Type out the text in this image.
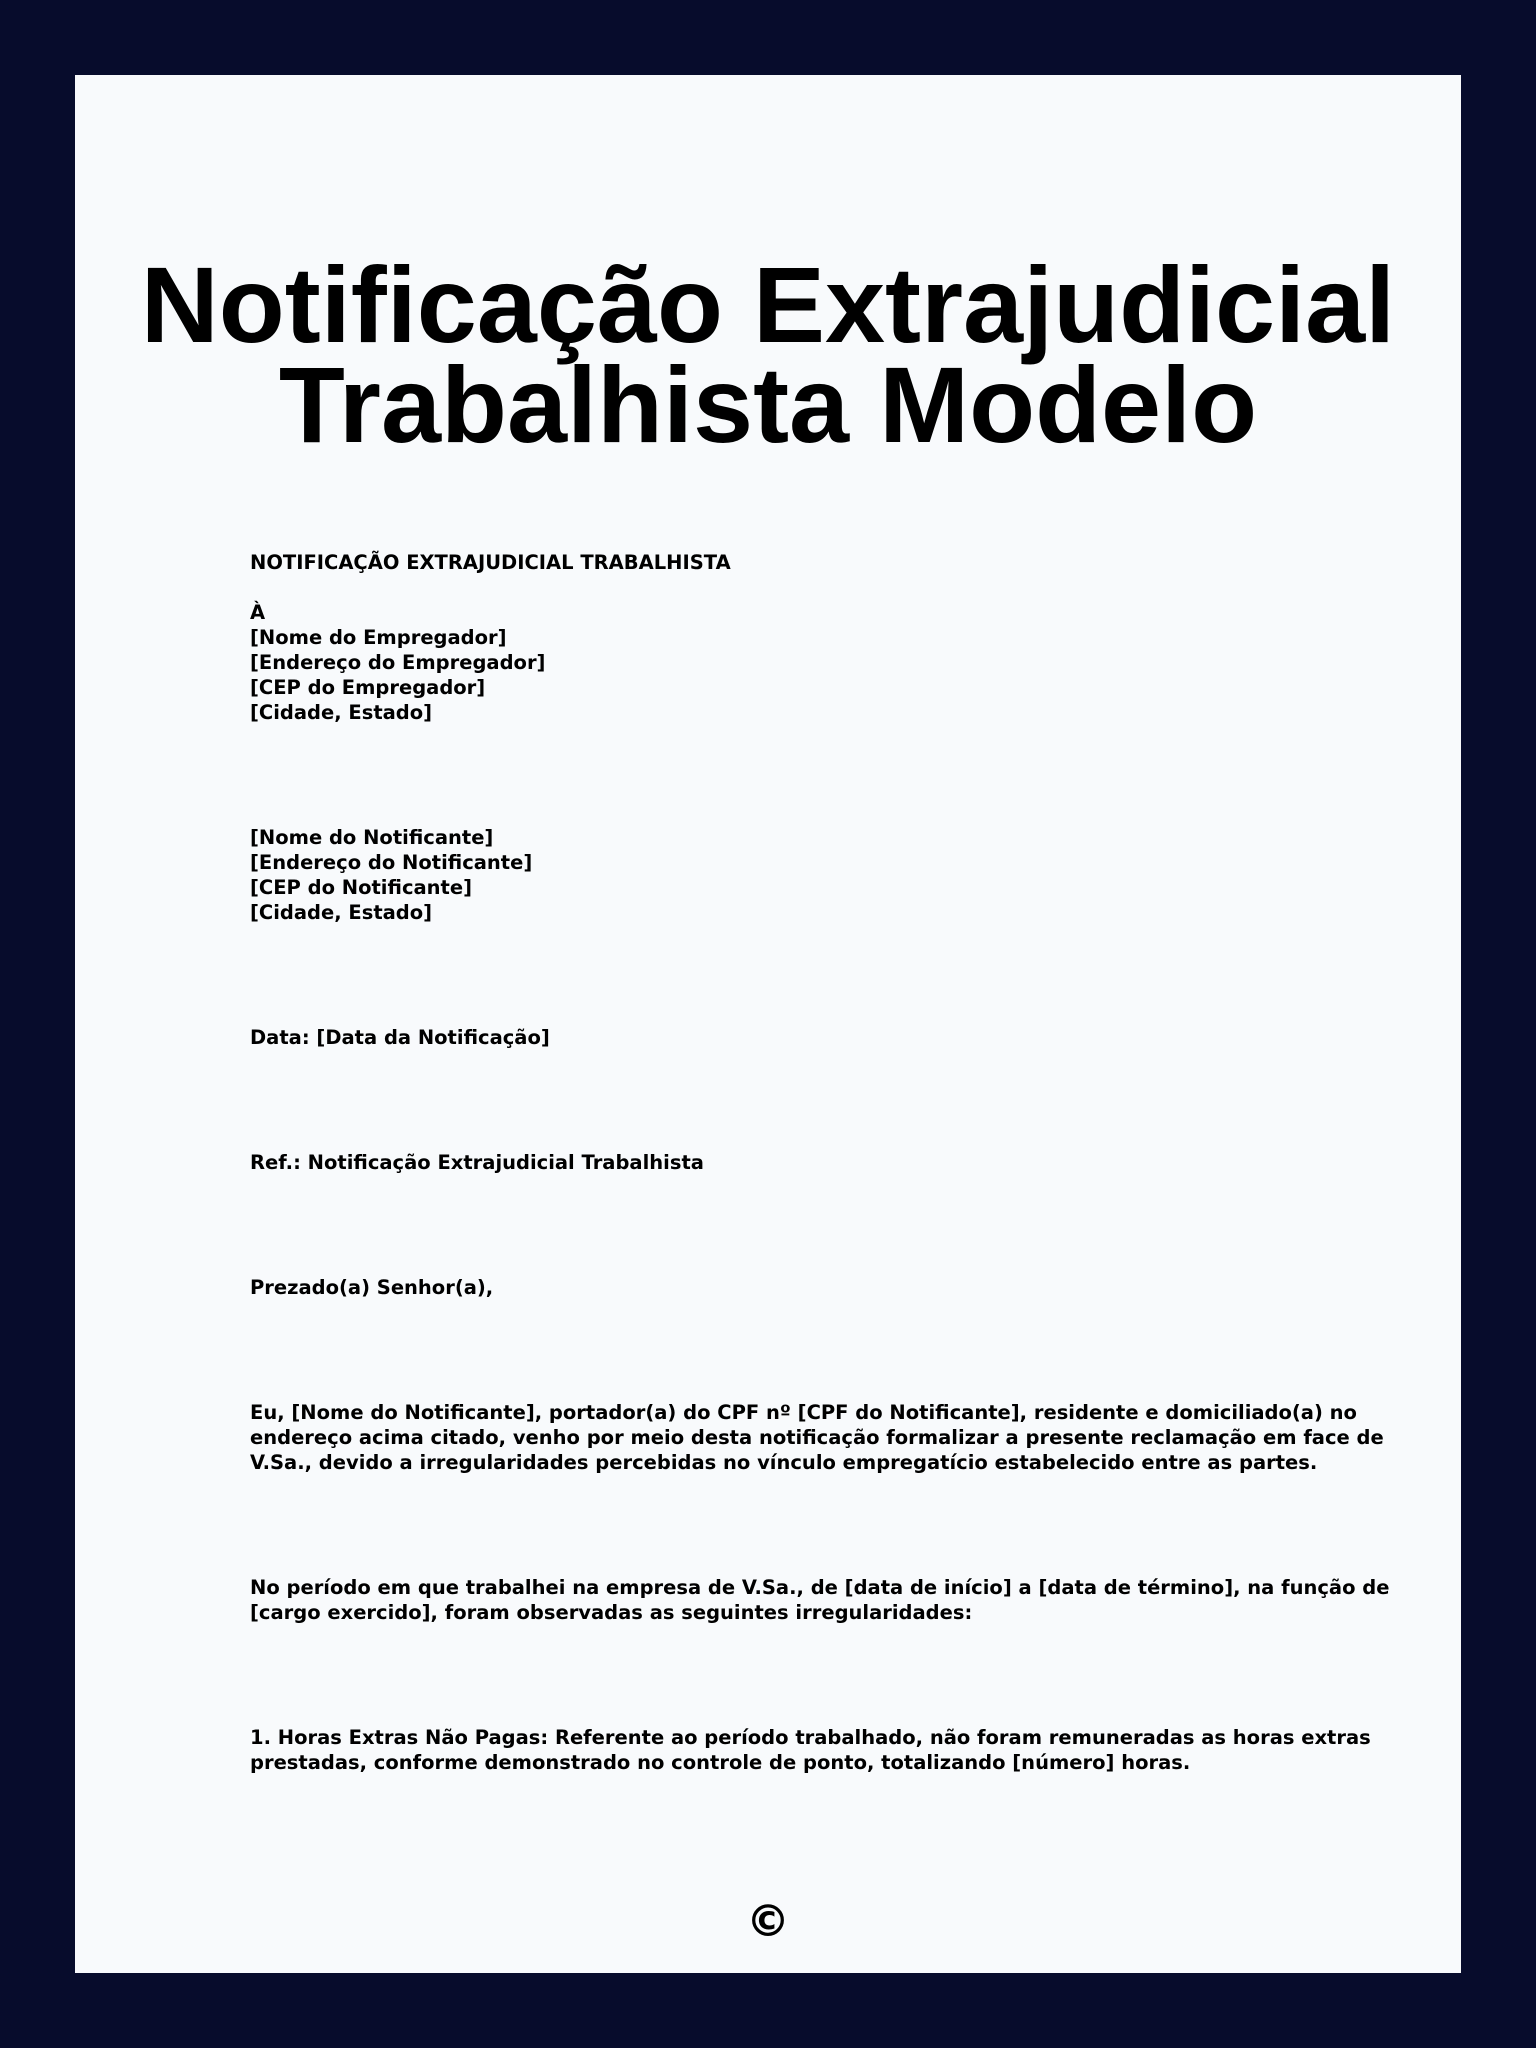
Notificação Extrajudicial
Trabalhista Modelo
NOTIFICAÇÃO EXTRAJUDICIAL TRABALHISTA
À
[Nome do Empregador]
[Endereço do Empregador]
[CEP do Empregador]
[Cidade, Estado]
[Nome do Notificante]
[Endereço do Notificante]
[CEP do Notificante]
[Cidade, Estado]
Data: [Data da Notificação]
Ref.: Notificação Extrajudicial Trabalhista
Prezado(a) Senhor(a),
Eu, [Nome do Notificante], portador(a) do CPF nº [CPF do Notificante], residente e domiciliado(a) no
endereço acima citado, venho por meio desta notificação formalizar a presente reclamação em face de
V.Sa., devido a irregularidades percebidas no vínculo empregatício estabelecido entre as partes.
No período em que trabalhei na empresa de V.Sa., de [data de início] a [data de término], na função de
[cargo exercido], foram observadas as seguintes irregularidades:
1. Horas Extras Não Pagas: Referente ao período trabalhado, não foram remuneradas as horas extras
prestadas, conforme demonstrado no controle de ponto, totalizando [número] horas.
©
